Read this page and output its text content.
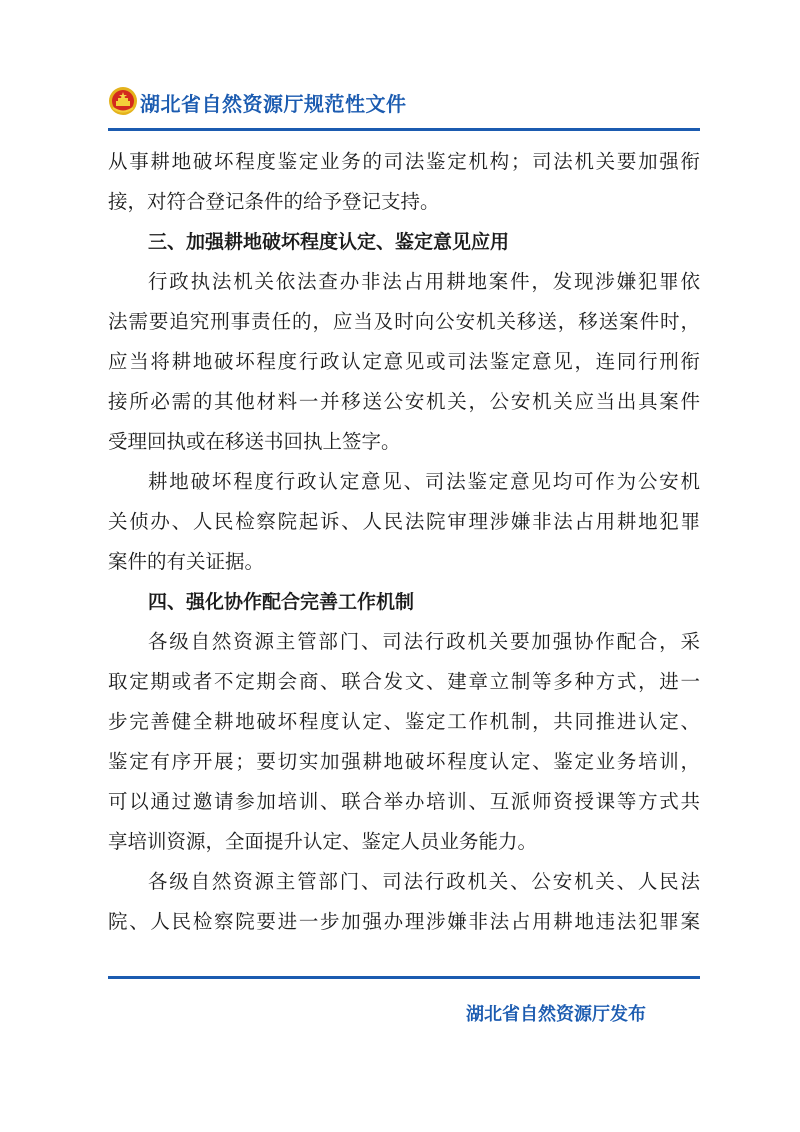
湖北省自然资源厅规范性文件
从事耕地破坏程度鉴定业务的司法鉴定机构；司法机关要加强衔
接，对符合登记条件的给予登记支持。
三、加强耕地破坏程度认定、鉴定意见应用
行政执法机关依法查办非法占用耕地案件，发现涉嫌犯罪依
法需要追究刑事责任的，应当及时向公安机关移送，移送案件时，
应当将耕地破坏程度行政认定意见或司法鉴定意见，连同行刑衔
接所必需的其他材料一并移送公安机关，公安机关应当出具案件
受理回执或在移送书回执上签字。
耕地破坏程度行政认定意见、司法鉴定意见均可作为公安机
关侦办、人民检察院起诉、人民法院审理涉嫌非法占用耕地犯罪
案件的有关证据。
四、强化协作配合完善工作机制
各级自然资源主管部门、司法行政机关要加强协作配合，采
取定期或者不定期会商、联合发文、建章立制等多种方式，进一
步完善健全耕地破坏程度认定、鉴定工作机制，共同推进认定、
鉴定有序开展；要切实加强耕地破坏程度认定、鉴定业务培训，
可以通过邀请参加培训、联合举办培训、互派师资授课等方式共
享培训资源，全面提升认定、鉴定人员业务能力。
各级自然资源主管部门、司法行政机关、公安机关、人民法
院、人民检察院要进一步加强办理涉嫌非法占用耕地违法犯罪案
湖北省自然资源厅发布
